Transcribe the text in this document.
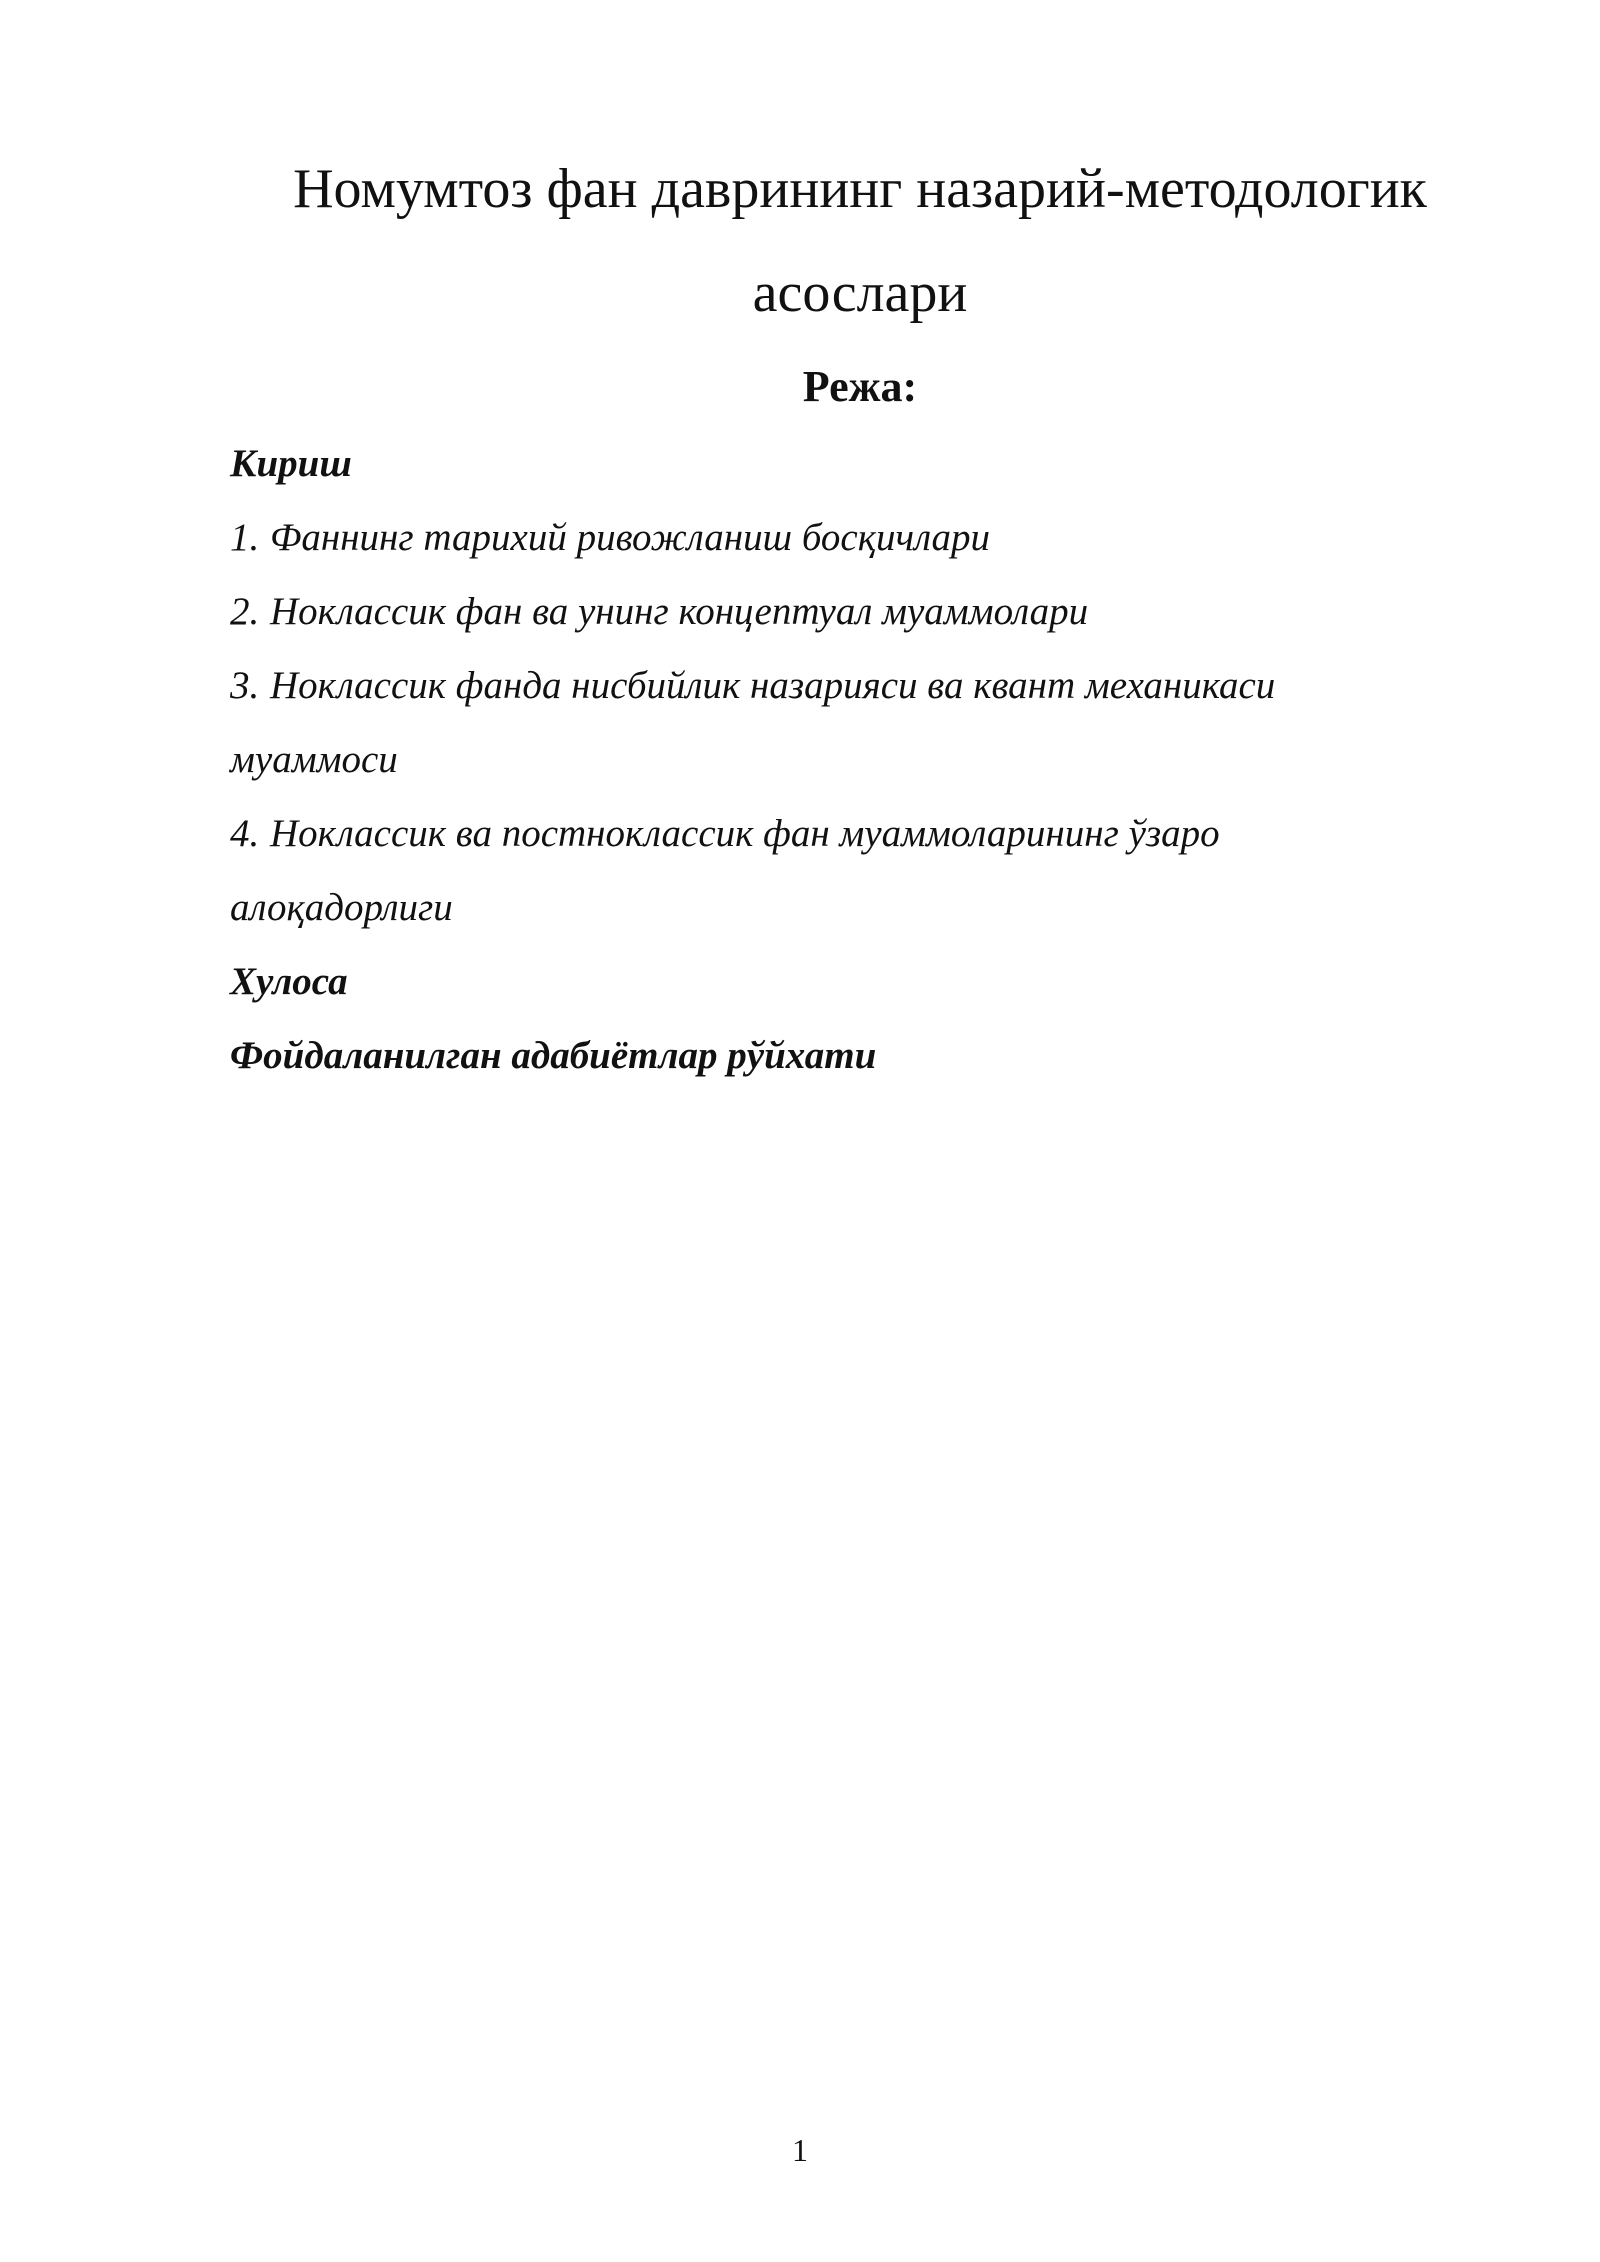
Номумтоз фан даврининг назарий-методологик
асослари
Режа:
Кириш
1. Фаннинг тарихий ривожланиш босқичлари
2. Ноклассик фан ва унинг концептуал муаммолари
3. Ноклассик фанда нисбийлик назарияси ва квант механикаси
муаммоси
4. Ноклассик ва постноклассик фан муаммоларининг ўзаро
алоқадорлиги
Хулоса
Фойдаланилган адабиётлар рўйхати
1
